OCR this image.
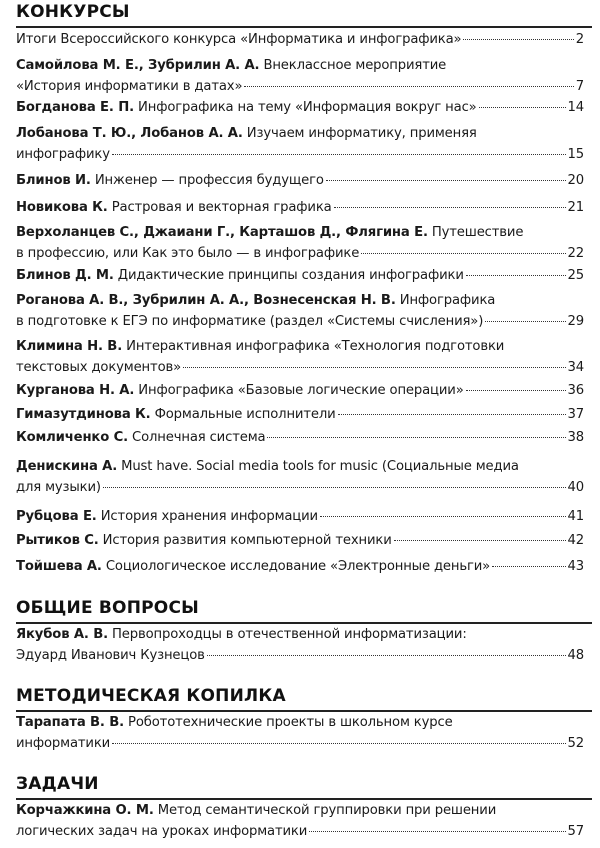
КОНКУРСЫ
Итоги Всероссийского конкурса «Информатика и инфографика»	2
Самойлова М. Е., Зубрилин А. А.
Внеклассное мероприятие
«История информатики в датах»	7
Богданова Е. П.
Инфографика на тему «Информация вокруг нас»	14
Лобанова Т. Ю., Лобанов А. А.
Изучаем информатику, применяя
инфографику	15
Блинов И.
Инженер — профессия будущего	20
Новикова К.
Растровая и векторная графика	21
Верхоланцев С., Джаиани Г., Карташов Д., Флягина Е.
Путешествие
в профессию, или Как это было — в инфографике	22
Блинов Д. М.
Дидактические принципы создания инфографики	25
Роганова А. В., Зубрилин А. А., Вознесенская Н. В.
Инфографика
в подготовке к ЕГЭ по информатике (раздел «Системы счисления»)	29
Климина Н. В.
Интерактивная инфографика «Технология подготовки
текстовых документов»	34
Курганова Н. А.
Инфографика «Базовые логические операции»	36
Гимазутдинова К.
Формальные исполнители	37
Комличенко С.
Солнечная система	38
Денискина А.
Must have. Social media tools for music (Социальные медиа
для музыки)	40
Рубцова Е.
История хранения информации	41
Рытиков С.
История развития компьютерной техники	42
Тойшева А.
Социологическое исследование «Электронные деньги»	43
ОБЩИЕ ВОПРОСЫ
Якубов А. В.
Первопроходцы в отечественной информатизации:
Эдуард Иванович Кузнецов	48
МЕТОДИЧЕСКАЯ КОПИЛКА
Тарапата В. В.
Робототехнические проекты в школьном курсе
информатики	52
ЗАДАЧИ
Корчажкина О. М.
Метод семантической группировки при решении
логических задач на уроках информатики	57
